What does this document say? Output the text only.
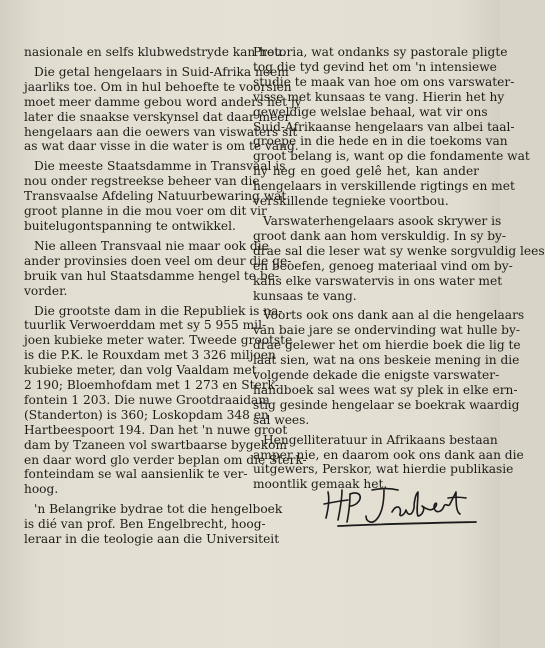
nasionale en selfs klubwedstryde kan hou.

Die getal hengelaars in Suid-Afrika neem
jaarliks toe. Om in hul behoefte te voorsien
moet meer damme gebou word anders het jy
later die snaakse verskynsel dat daar meer
hengelaars aan die oewers van viswaters sit
as wat daar visse in die water is om te vang.

Die meeste Staatsdamme in Transvaal is
nou onder regstreekse beheer van die
Transvaalse Afdeling Natuurbewaring wat
groot planne in die mou voer om dit vir
buitelugontspanning te ontwikkel.

Nie alleen Transvaal nie maar ook die
ander provinsies doen veel om deur die ge-
bruik van hul Staatsdamme hengel te be-
vorder.

Die grootste dam in die Republiek is na-
tuurlik Verwoerddam met sy 5 955 mil-
joen kubieke meter water. Tweede grootste
is die P.K. le Rouxdam met 3 326 miljoen
kubieke meter, dan volg Vaaldam met
2 190; Bloemhofdam met 1 273 en Sterk-
fontein 1 203. Die nuwe Grootdraaidam
(Standerton) is 360; Loskopdam 348 en
Hartbeespoort 194. Dan het 'n nuwe groot
dam by Tzaneen vol swartbaarse bygekom
en daar word glo verder beplan om die Sterk-
fonteindam se wal aansienlik te ver-
hoog.

'n Belangrike bydrae tot die hengelboek
is dié van prof. Ben Engelbrecht, hoog-
leraar in die teologie aan die Universiteit

Pretoria, wat ondanks sy pastorale pligte
tog die tyd gevind het om 'n intensiewe
studie te maak van hoe om ons varswater-
visse met kunsaas te vang. Hierin het hy
geweldige welslae behaal, wat vir ons
Suid-Afrikaanse hengelaars van albei taal-
groepe in die hede en in die toekoms van
groot belang is, want op die fondamente wat
hy heg en goed gelê het, kan ander
hengelaars in verskillende rigtings en met
verskillende tegnieke voortbou.

Varswaterhengelaars asook skrywer is
groot dank aan hom verskuldig. In sy by-
drae sal die leser wat sy wenke sorgvuldig lees
en beoefen, genoeg materiaal vind om by-
kans elke varswatervis in ons water met
kunsaas te vang.

Voorts ook ons dank aan al die hengelaars
van baie jare se ondervinding wat hulle by-
drae gelewer het om hierdie boek die lig te
laat sien, wat na ons beskeie mening in die
volgende dekade die enigste varswater-
handboek sal wees wat sy plek in elke ern-
stig gesinde hengelaar se boekrak waardig
sal wees.

Hengelliteratuur in Afrikaans bestaan
amper nie, en daarom ook ons dank aan die
uitgewers, Perskor, wat hierdie publikasie
moontlik gemaak het.
